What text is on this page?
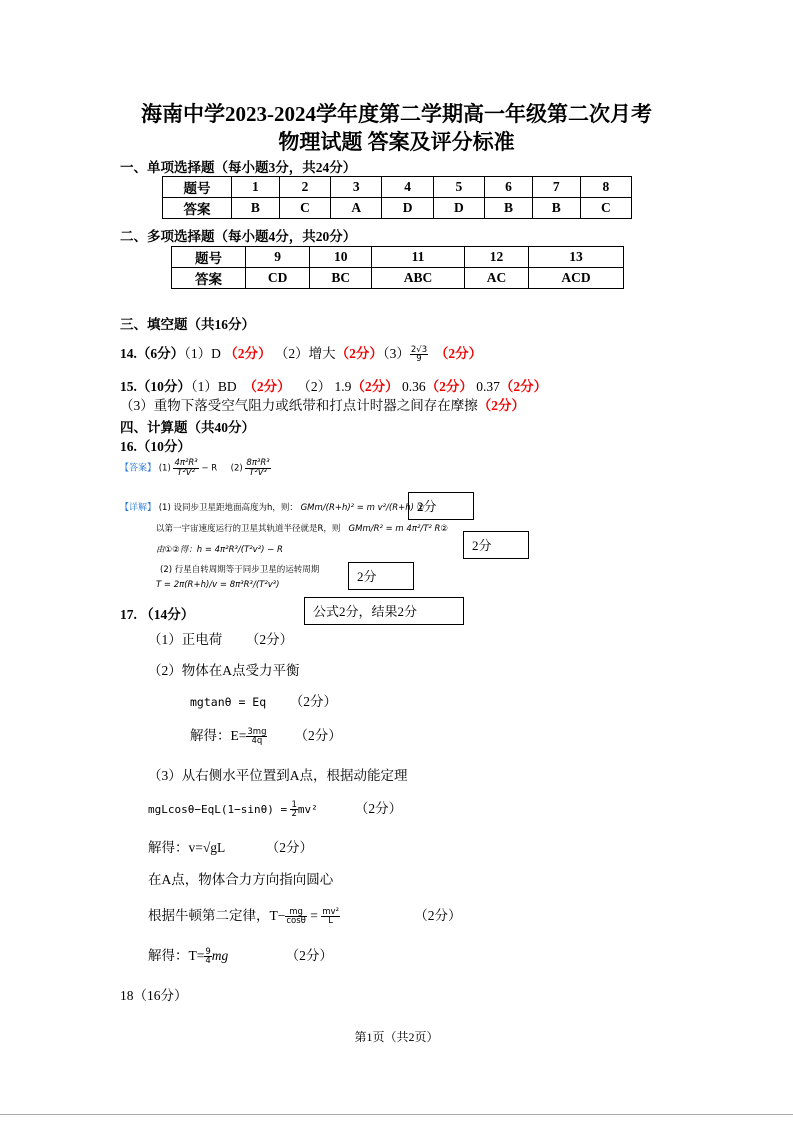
海南中学2023-2024学年度第二学期高一年级第二次月考
物理试题 答案及评分标准
一、单项选择题（每小题3分，共24分）
题号	1	2	3	4	5	6	7	8
答案	B	C	A	D	D	B	B	C
二、多项选择题（每小题4分，共20分）
题号	9	10	11	12	13
答案	CD	BC	ABC	AC	ACD
三、填空题（共16分）
14.（6分）（1）D （2分） （2）增大（2分）$(3) \frac{2√3}{9} (2$分）
15.（10分）（1）BD （2分） （2） 1.9（2分） 0.36（2分） 0.37（2分）
（3）重物下落受空气阻力或纸带和打点计时器之间存在摩擦（2分）
四、计算题（共40分）
16.（10分）
【答案】 $(1) \frac{\text{4π²R³}}{\text{T²V²}} - R$ $(2) \frac{\text{8π³R³}}{\text{T²V³}}$
【详解】 (1) 设同步卫星距地面高度为h，则： GMm/(R+h)² = m v²/(R+h) ①
以第一宇宙速度运行的卫星其轨道半径就是R，则 GMm/R² = m 4π²/T² R②
由①②得：h = 4π²R³/(T²v²) − R
(2) 行星自转周期等于同步卫星的运转周期
T = 2π(R+h)/v = 8π³R³/(T²v³)
2分
2分
2分
公式2分，结果2分
17. （14分）
（1）正电荷 （2分）
（2）物体在A点受力平衡
mgtanθ = Eq （2分）
解得：$E= \frac{3mg}{4q} (2$分）
（3）从右侧水平位置到A点，根据动能定理
$mgLcos\theta-EqL(1-\sin\theta) = \frac{1}{2} mv^2$	（2分）
解得：v=√gL	（2分）
在A点，物体合力方向指向圆心
根据牛顿第二定律，$T- \frac{mg}{\cos\theta} = \frac{\text{mv²}}{L}$	（2分）
解得：$T= \frac{9}{4}$ mg	（2分）
18（16分）
第1页（共2页）
